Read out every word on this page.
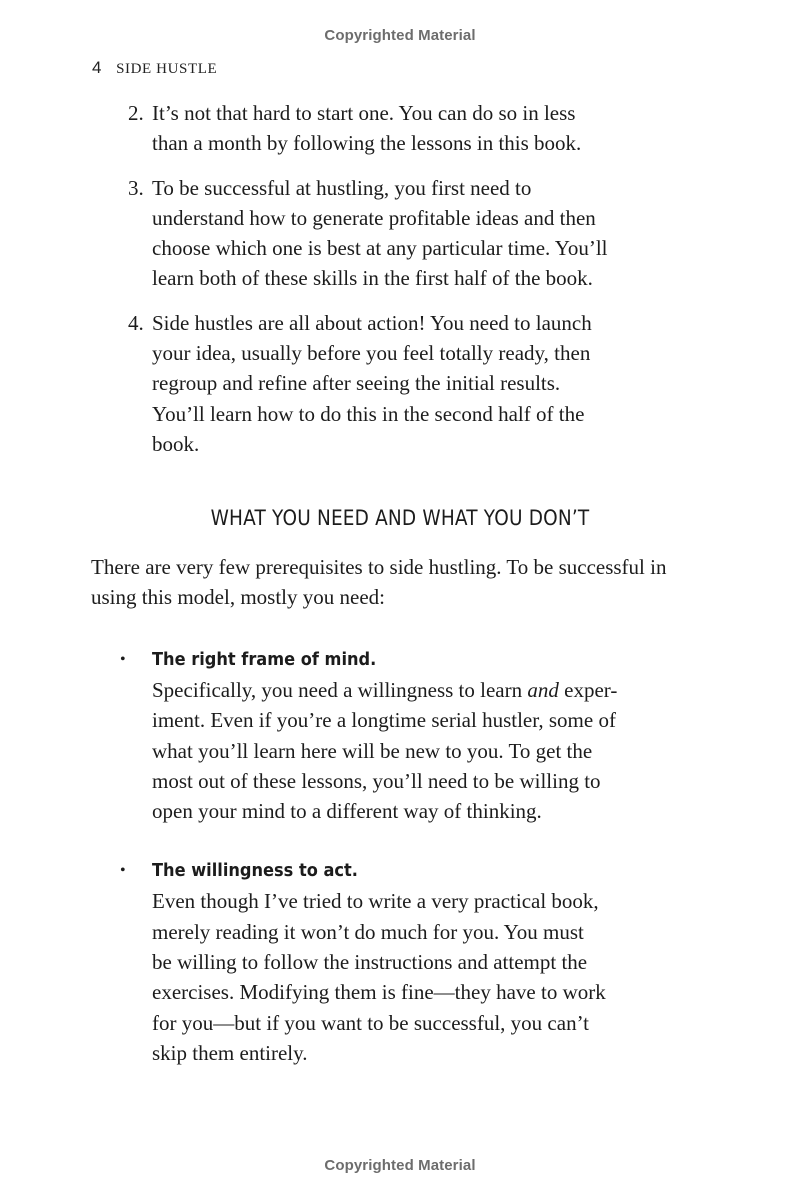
Copyrighted Material
4 SIDE HUSTLE
2. It’s not that hard to start one. You can do so in less
than a month by following the lessons in this book.
3. To be successful at hustling, you first need to
understand how to generate profitable ideas and then
choose which one is best at any particular time. You’ll
learn both of these skills in the first half of the book.
4. Side hustles are all about action! You need to launch
your idea, usually before you feel totally ready, then
regroup and refine after seeing the initial results.
You’ll learn how to do this in the second half of the
book.
WHAT YOU NEED AND WHAT YOU DON’T
There are very few prerequisites to side hustling. To be successful in
using this model, mostly you need:
• The right frame of mind.
Specifically, you need a willingness to learn and exper-
iment. Even if you’re a longtime serial hustler, some of
what you’ll learn here will be new to you. To get the
most out of these lessons, you’ll need to be willing to
open your mind to a different way of thinking.
• The willingness to act.
Even though I’ve tried to write a very practical book,
merely reading it won’t do much for you. You must
be willing to follow the instructions and attempt the
exercises. Modifying them is fine—they have to work
for you—but if you want to be successful, you can’t
skip them entirely.
Copyrighted Material
